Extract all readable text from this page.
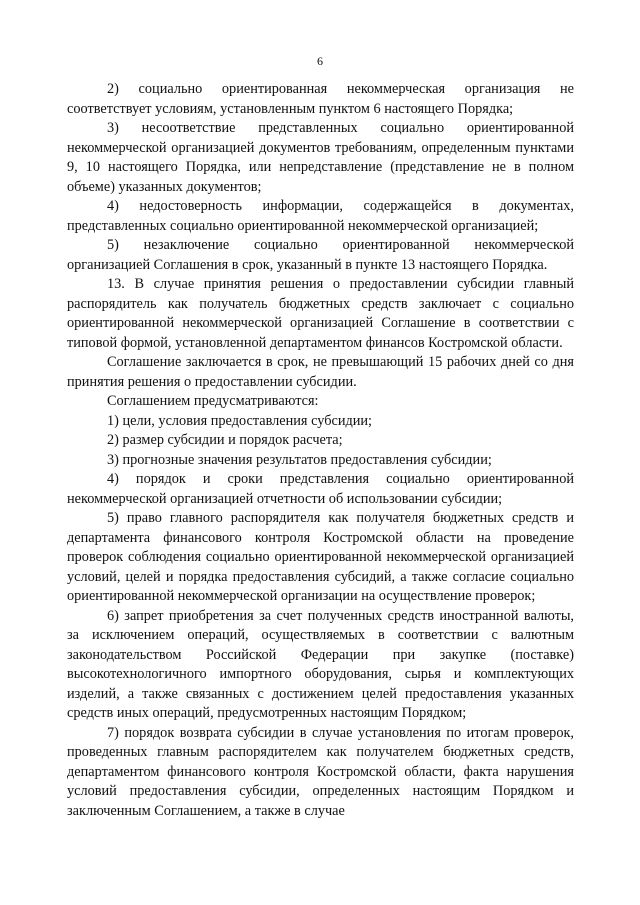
6

2) социально ориентированная некоммерческая организация не соответствует условиям, установленным пунктом 6 настоящего Порядка;

3) несоответствие представленных социально ориентированной некоммерческой организацией документов требованиям, определенным пунктами 9, 10 настоящего Порядка, или непредставление (представление не в полном объеме) указанных документов;

4) недостоверность информации, содержащейся в документах, представленных социально ориентированной некоммерческой организацией;

5) незаключение социально ориентированной некоммерческой организацией Соглашения в срок, указанный в пункте 13 настоящего Порядка.

13. В случае принятия решения о предоставлении субсидии главный распорядитель как получатель бюджетных средств заключает с социально ориентированной некоммерческой организацией Соглашение в соответствии с типовой формой, установленной департаментом финансов Костромской области.

Соглашение заключается в срок, не превышающий 15 рабочих дней со дня принятия решения о предоставлении субсидии.

Соглашением предусматриваются:

1) цели, условия предоставления субсидии;

2) размер субсидии и порядок расчета;

3) прогнозные значения результатов предоставления субсидии;

4) порядок и сроки представления социально ориентированной некоммерческой организацией отчетности об использовании субсидии;

5) право главного распорядителя как получателя бюджетных средств и департамента финансового контроля Костромской области на проведение проверок соблюдения социально ориентированной некоммерческой организацией условий, целей и порядка предоставления субсидий, а также согласие социально ориентированной некоммерческой организации на осуществление проверок;

6) запрет приобретения за счет полученных средств иностранной валюты, за исключением операций, осуществляемых в соответствии с валютным законодательством Российской Федерации при закупке (поставке) высокотехнологичного импортного оборудования, сырья и комплектующих изделий, а также связанных с достижением целей предоставления указанных средств иных операций, предусмотренных настоящим Порядком;

7) порядок возврата субсидии в случае установления по итогам проверок, проведенных главным распорядителем как получателем бюджетных средств, департаментом финансового контроля Костромской области, факта нарушения условий предоставления субсидии, определенных настоящим Порядком и заключенным Соглашением, а также в случае
